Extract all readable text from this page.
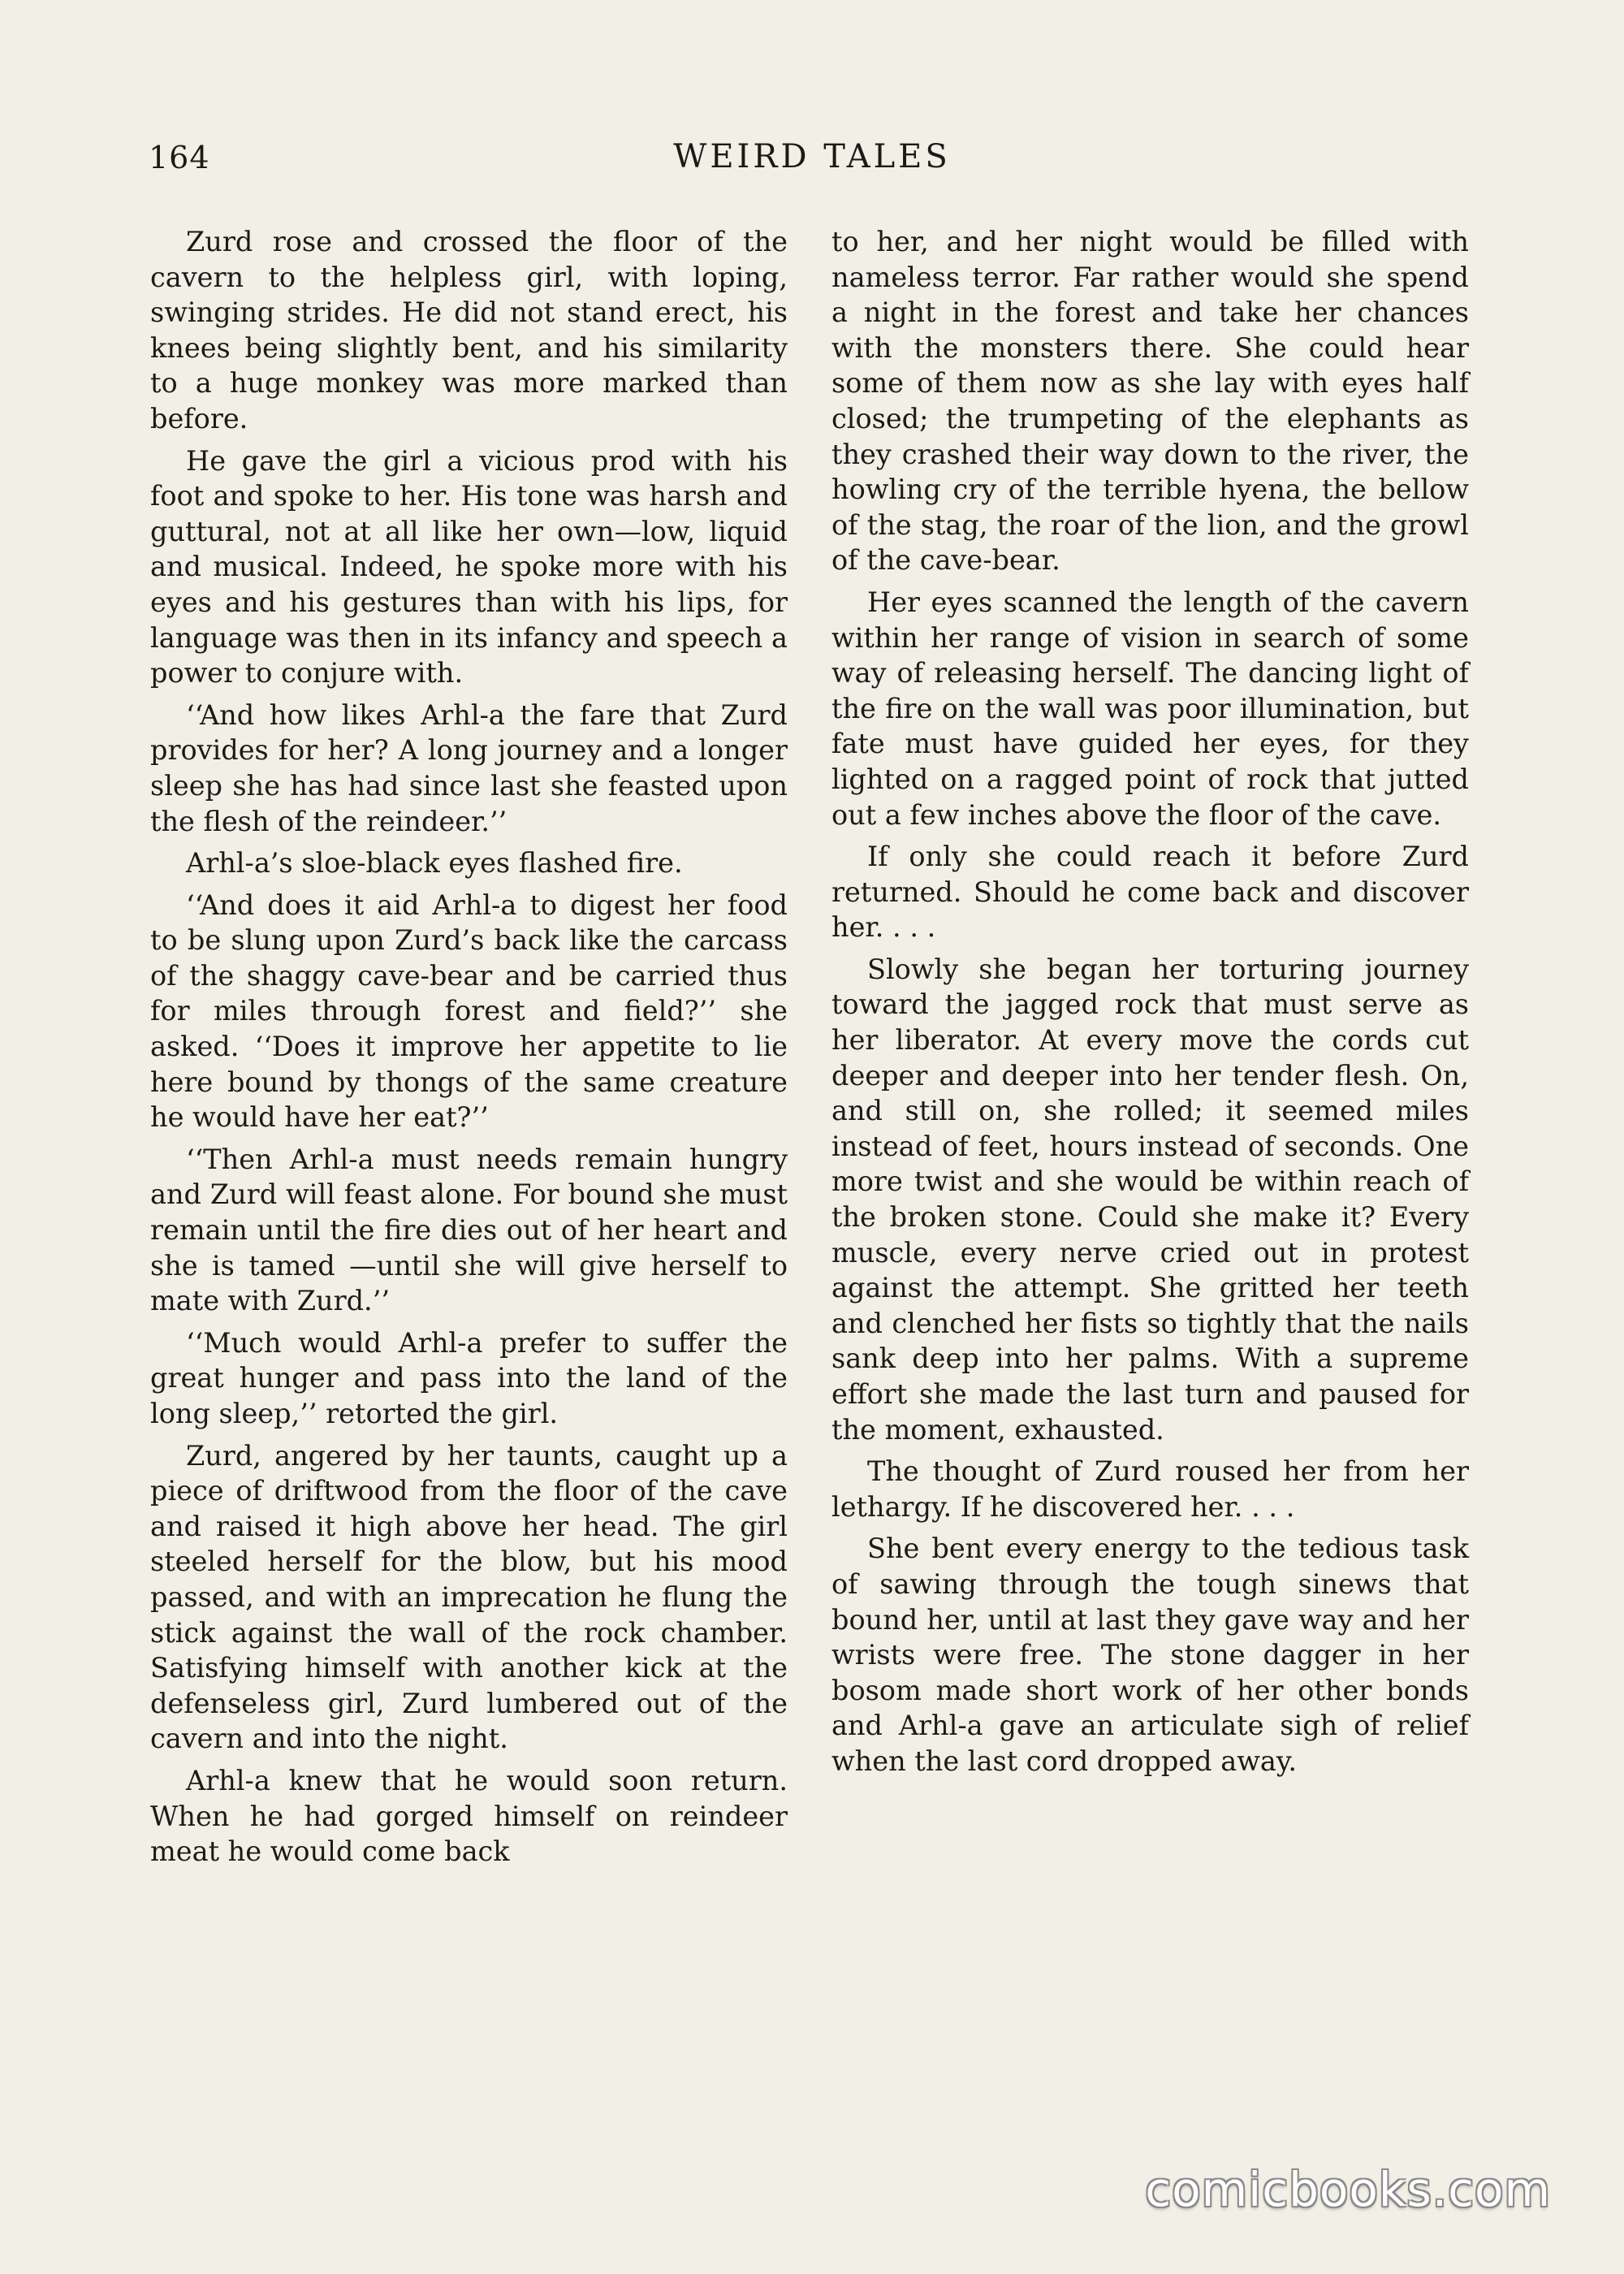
164	WEIRD TALES

Zurd rose and crossed the floor of the cavern to the helpless girl, with loping, swinging strides. He did not stand erect, his knees being slightly bent, and his similarity to a huge monkey was more marked than before.

He gave the girl a vicious prod with his foot and spoke to her. His tone was harsh and guttural, not at all like her own—low, liquid and musical. Indeed, he spoke more with his eyes and his gestures than with his lips, for language was then in its infancy and speech a power to conjure with.

‘‘And how likes Arhl-a the fare that Zurd provides for her? A long journey and a longer sleep she has had since last she feasted upon the flesh of the reindeer.’’

Arhl-a’s sloe-black eyes flashed fire.

‘‘And does it aid Arhl-a to digest her food to be slung upon Zurd’s back like the carcass of the shaggy cave-bear and be carried thus for miles through forest and field?’’ she asked. ‘‘Does it improve her appetite to lie here bound by thongs of the same creature he would have her eat?’’

‘‘Then Arhl-a must needs remain hungry and Zurd will feast alone. For bound she must remain until the fire dies out of her heart and she is tamed —until she will give herself to mate with Zurd.’’

‘‘Much would Arhl-a prefer to suffer the great hunger and pass into the land of the long sleep,’’ retorted the girl.

Zurd, angered by her taunts, caught up a piece of driftwood from the floor of the cave and raised it high above her head. The girl steeled herself for the blow, but his mood passed, and with an imprecation he flung the stick against the wall of the rock chamber. Satisfying himself with another kick at the defenseless girl, Zurd lumbered out of the cavern and into the night.

Arhl-a knew that he would soon return. When he had gorged himself on reindeer meat he would come back

to her, and her night would be filled with nameless terror. Far rather would she spend a night in the forest and take her chances with the monsters there. She could hear some of them now as she lay with eyes half closed; the trumpeting of the elephants as they crashed their way down to the river, the howling cry of the terrible hyena, the bellow of the stag, the roar of the lion, and the growl of the cave-bear.

Her eyes scanned the length of the cavern within her range of vision in search of some way of releasing herself. The dancing light of the fire on the wall was poor illumination, but fate must have guided her eyes, for they lighted on a ragged point of rock that jutted out a few inches above the floor of the cave.

If only she could reach it before Zurd returned. Should he come back and discover her. . . .

Slowly she began her torturing journey toward the jagged rock that must serve as her liberator. At every move the cords cut deeper and deeper into her tender flesh. On, and still on, she rolled; it seemed miles instead of feet, hours instead of seconds. One more twist and she would be within reach of the broken stone. Could she make it? Every muscle, every nerve cried out in protest against the attempt. She gritted her teeth and clenched her fists so tightly that the nails sank deep into her palms. With a supreme effort she made the last turn and paused for the moment, exhausted.

The thought of Zurd roused her from her lethargy. If he discovered her. . . .

She bent every energy to the tedious task of sawing through the tough sinews that bound her, until at last they gave way and her wrists were free. The stone dagger in her bosom made short work of her other bonds and Arhl-a gave an articulate sigh of relief when the last cord dropped away.

comicbooks.com
